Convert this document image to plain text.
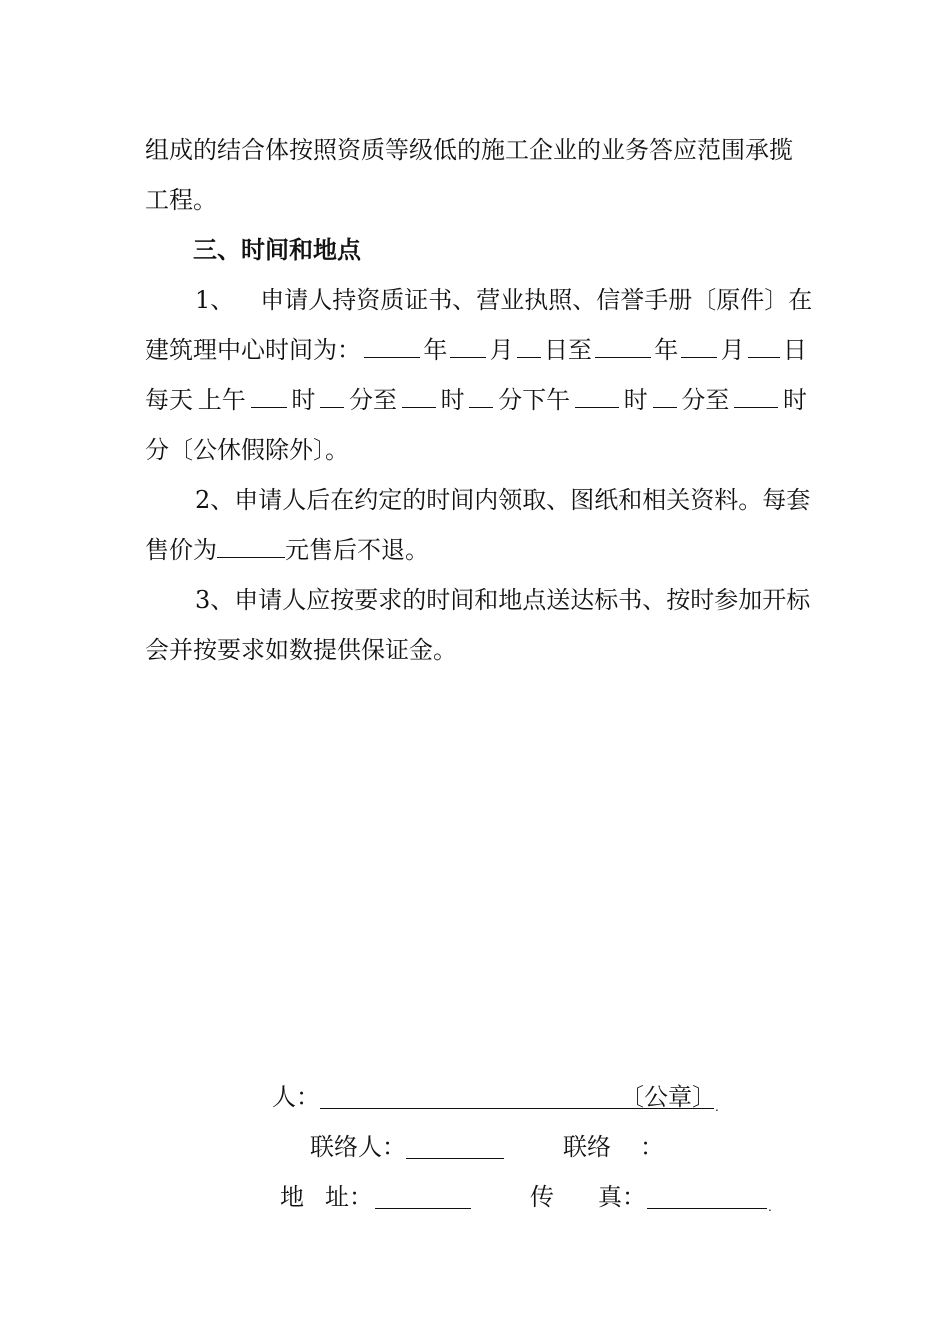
组成的结合体按照资质等级低的施工企业的业务答应范围承揽
工程。
三、时间和地点
1、 申请人持资质证书、营业执照、信誉手册〔原件〕在
建筑理中心时间为：	年 月 日至	年 月 日
每天 上午 时 分至 时 分下午 时 分至 时
分〔公休假除外〕。
2、申请人后在约定的时间内领取、图纸和相关资料。每套
售价为	元售后不退。
3、申请人应按要求的时间和地点送达标书、按时参加开标
会并按要求如数提供保证金。
人：	〔公章〕 .
联络人：	联络 ：
地 址：	传 真：	.
